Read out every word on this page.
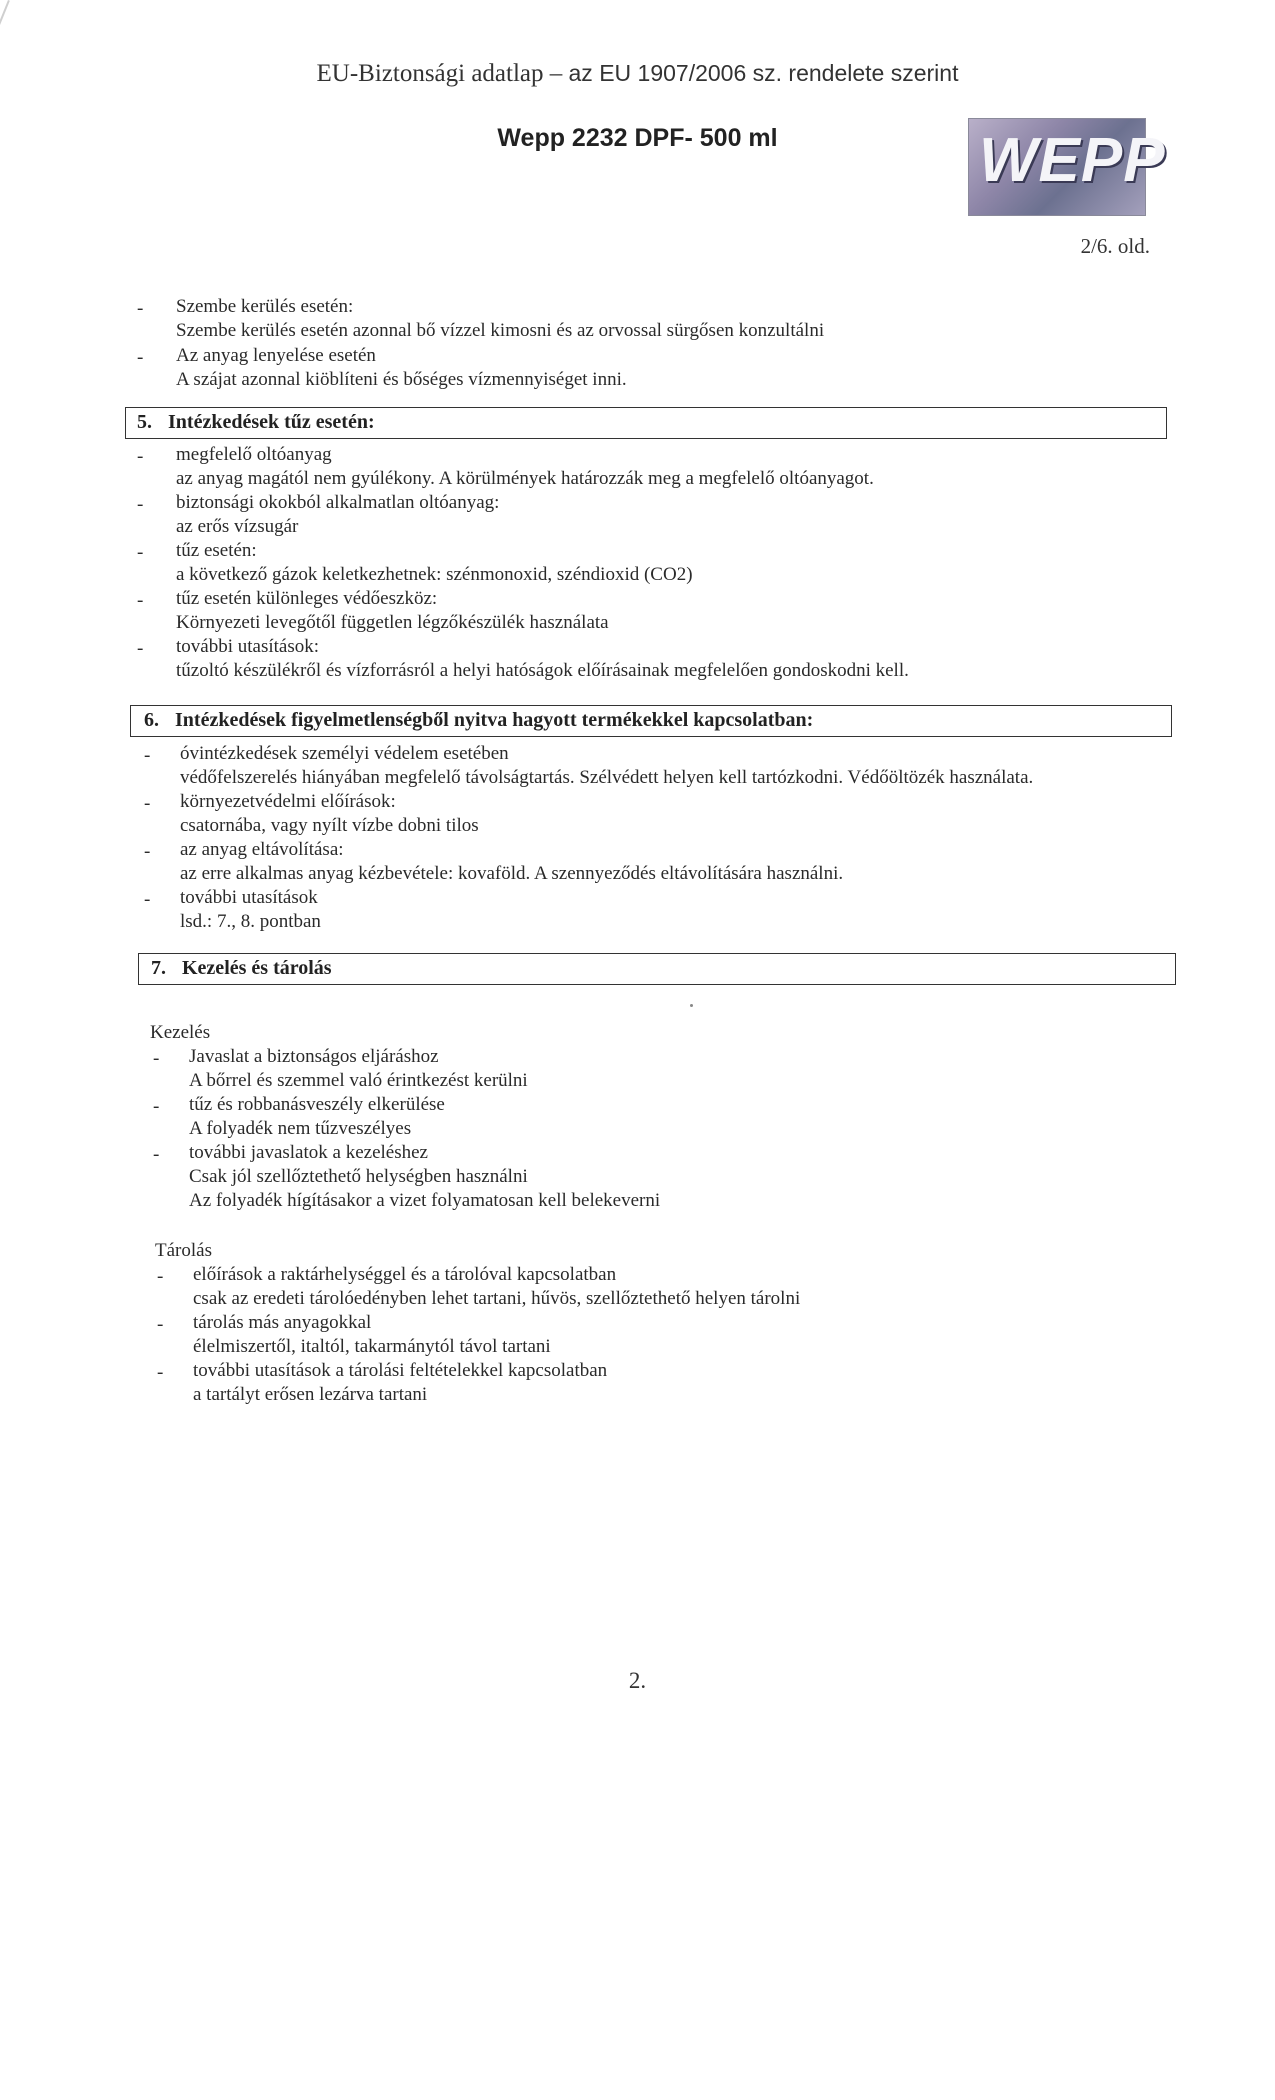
EU-Biztonsági adatlap – az EU 1907/2006 sz. rendelete szerint
Wepp 2232 DPF- 500 ml	WEPP
2/6. old.
- Szembe kerülés esetén:
Szembe kerülés esetén azonnal bő vízzel kimosni és az orvossal sürgősen konzultálni
- Az anyag lenyelése esetén
A szájat azonnal kiöblíteni és bőséges vízmennyiséget inni.
5. Intézkedések tűz esetén:
- megfelelő oltóanyag
az anyag magától nem gyúlékony. A körülmények határozzák meg a megfelelő oltóanyagot.
- biztonsági okokból alkalmatlan oltóanyag:
az erős vízsugár
- tűz esetén:
a következő gázok keletkezhetnek: szénmonoxid, széndioxid (CO2)
- tűz esetén különleges védőeszköz:
Környezeti levegőtől független légzőkészülék használata
- további utasítások:
tűzoltó készülékről és vízforrásról a helyi hatóságok előírásainak megfelelően gondoskodni kell.
6. Intézkedések figyelmetlenségből nyitva hagyott termékekkel kapcsolatban:
- óvintézkedések személyi védelem esetében
védőfelszerelés hiányában megfelelő távolságtartás. Szélvédett helyen kell tartózkodni. Védőöltözék használata.
- környezetvédelmi előírások:
csatornába, vagy nyílt vízbe dobni tilos
- az anyag eltávolítása:
az erre alkalmas anyag kézbevétele: kovaföld. A szennyeződés eltávolítására használni.
- további utasítások
lsd.: 7., 8. pontban
7. Kezelés és tárolás
Kezelés
- Javaslat a biztonságos eljáráshoz
A bőrrel és szemmel való érintkezést kerülni
- tűz és robbanásveszély elkerülése
A folyadék nem tűzveszélyes
- további javaslatok a kezeléshez
Csak jól szellőztethető helységben használni
Az folyadék hígításakor a vizet folyamatosan kell belekeverni
Tárolás
- előírások a raktárhelységgel és a tárolóval kapcsolatban
csak az eredeti tárolóedényben lehet tartani, hűvös, szellőztethető helyen tárolni
- tárolás más anyagokkal
élelmiszertől, italtól, takarmánytól távol tartani
- további utasítások a tárolási feltételekkel kapcsolatban
a tartályt erősen lezárva tartani
2.
